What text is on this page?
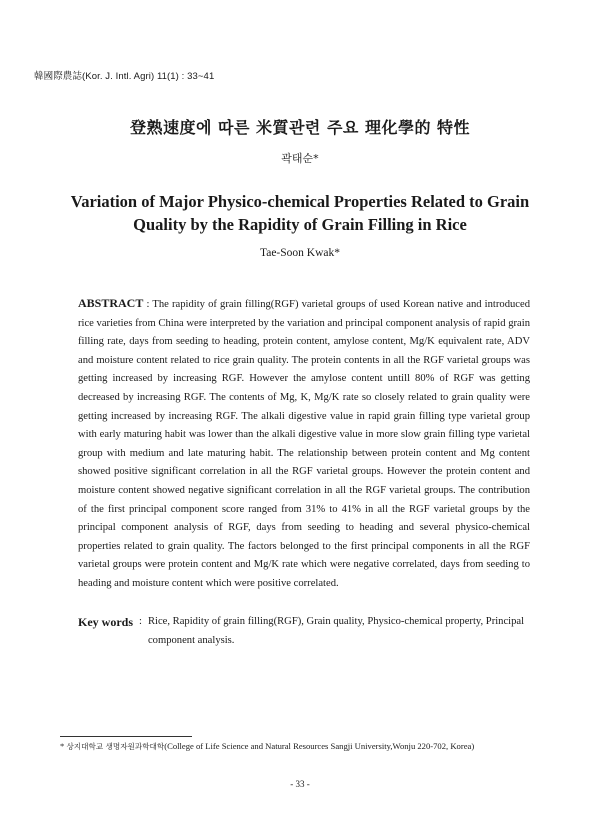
韓國際農誌(Kor. J. Intl. Agri) 11(1) : 33~41
登熟速度에 따른 米質관련 주요 理化學的 特性
곽태순*
Variation of Major Physico-chemical Properties Related to Grain Quality by the Rapidity of Grain Filling in Rice
Tae-Soon Kwak*
ABSTRACT : The rapidity of grain filling(RGF) varietal groups of used Korean native and introduced rice varieties from China were interpreted by the variation and principal component analysis of rapid grain filling rate, days from seeding to heading, protein content, amylose content, Mg/K equivalent rate, ADV and moisture content related to rice grain quality. The protein contents in all the RGF varietal groups was getting increased by increasing RGF. However the amylose content untill 80% of RGF was getting decreased by increasing RGF. The contents of Mg, K, Mg/K rate so closely related to grain quality were getting increased by increasing RGF. The alkali digestive value in rapid grain filling type varietal group with early maturing habit was lower than the alkali digestive value in more slow grain filling type varietal group with medium and late maturing habit. The relationship between protein content and Mg content showed positive significant correlation in all the RGF varietal groups. However the protein content and moisture content showed negative significant correlation in all the RGF varietal groups. The contribution of the first principal component score ranged from 31% to 41% in all the RGF varietal groups by the principal component analysis of RGF, days from seeding to heading and several physico-chemical properties related to grain quality. The factors belonged to the first principal components in all the RGF varietal groups were protein content and Mg/K rate which were negative correlated, days from seeding to heading and moisture content which were positive correlated.
Key words : Rice, Rapidity of grain filling(RGF), Grain quality, Physico-chemical property, Principal component analysis.
* 상지대학교 생명자원과학대학(College of Life Science and Natural Resources Sangji University,Wonju 220-702, Korea)
- 33 -
